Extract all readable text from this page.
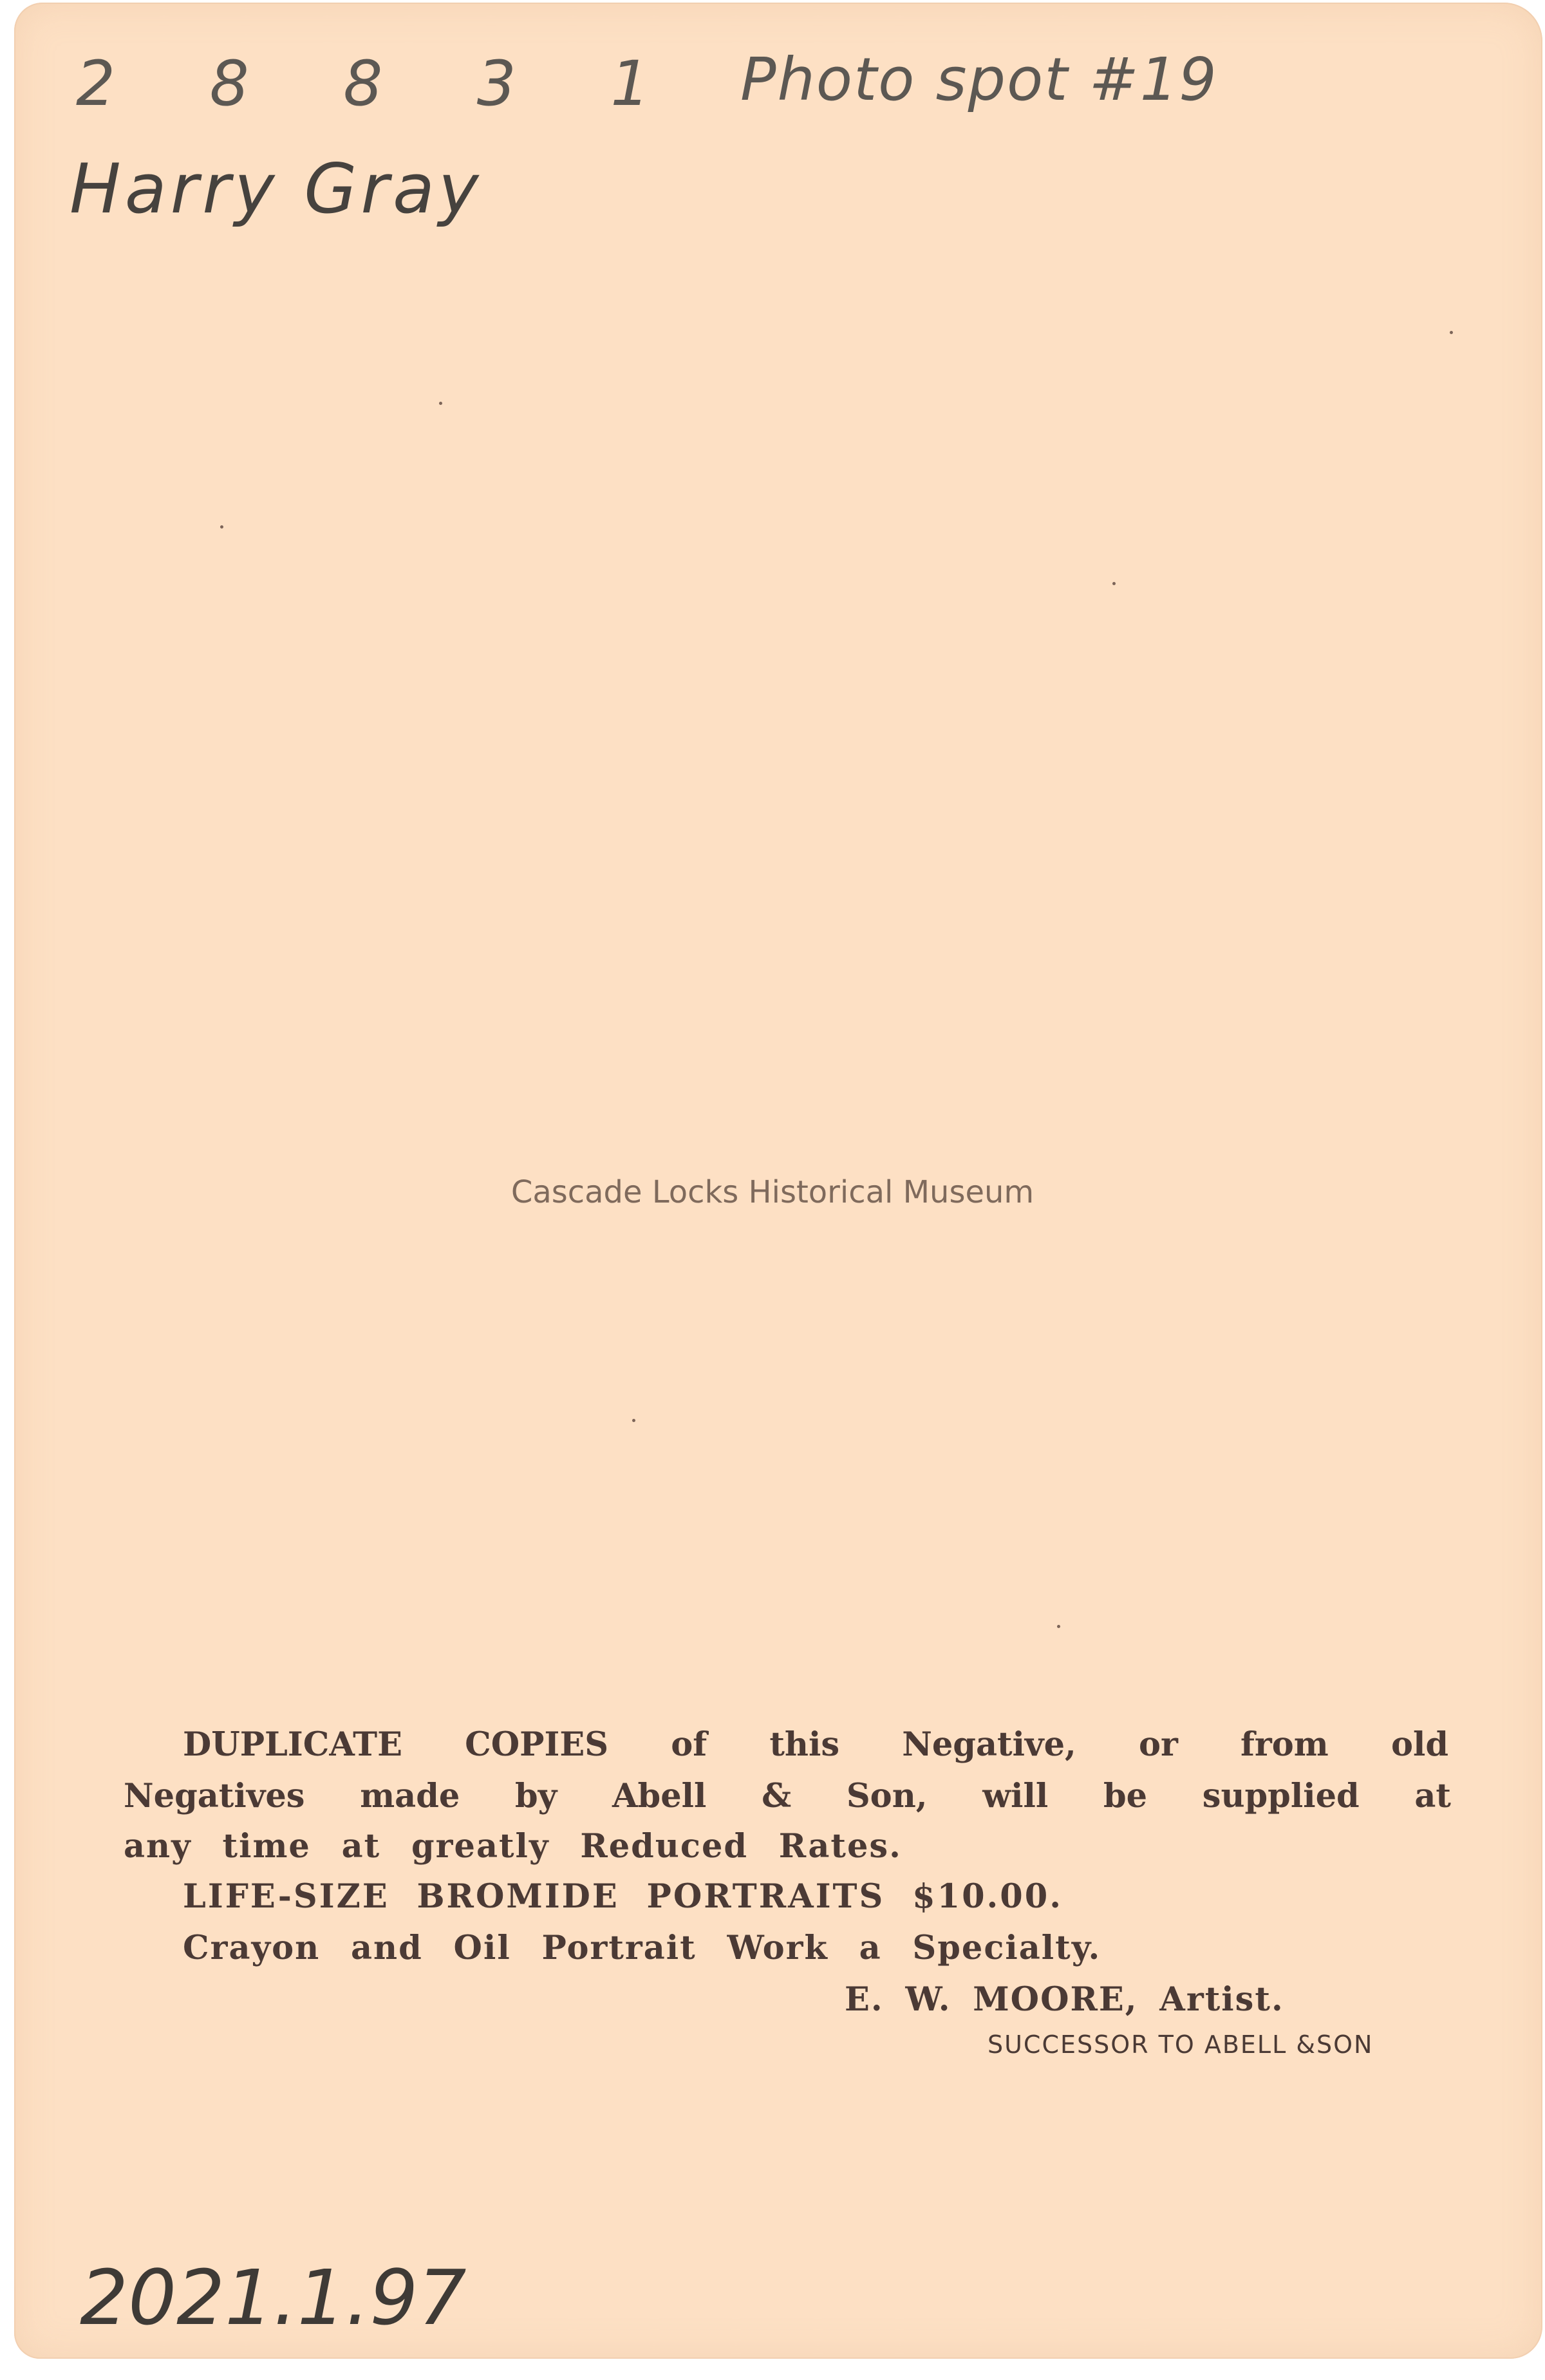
2 8 8 3 1 Photo spot #19
Harry Gray
Cascade Locks Historical Museum
DUPLICATE COPIES of this Negative, or from old
Negatives made by Abell & Son, will be supplied at
any time at greatly Reduced Rates.
LIFE-SIZE BROMIDE PORTRAITS $10.00.
Crayon and Oil Portrait Work a Specialty.
E. W. MOORE, Artist.
SUCCESSOR TO ABELL &SON
2021.1.97
